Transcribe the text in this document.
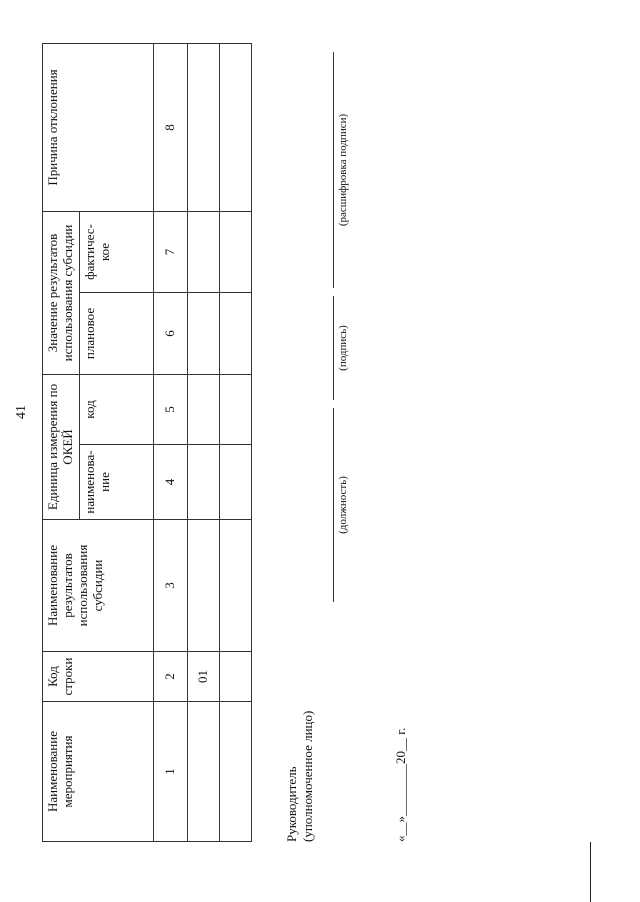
41
Наименование мероприятия	Код строки	Наименование результатов использования субсидии	Единица измерения по ОКЕЙ		Значение результатов использования субсидии		Причина отклонения
			наименова-ние	код	плановое	фактичес-кое	
1	2	3	4	5	6	7	8
	01						

Руководитель (уполномоченное лицо)
(должность)
(подпись)
(расшифровка подписи)
«__»________20__ г.
